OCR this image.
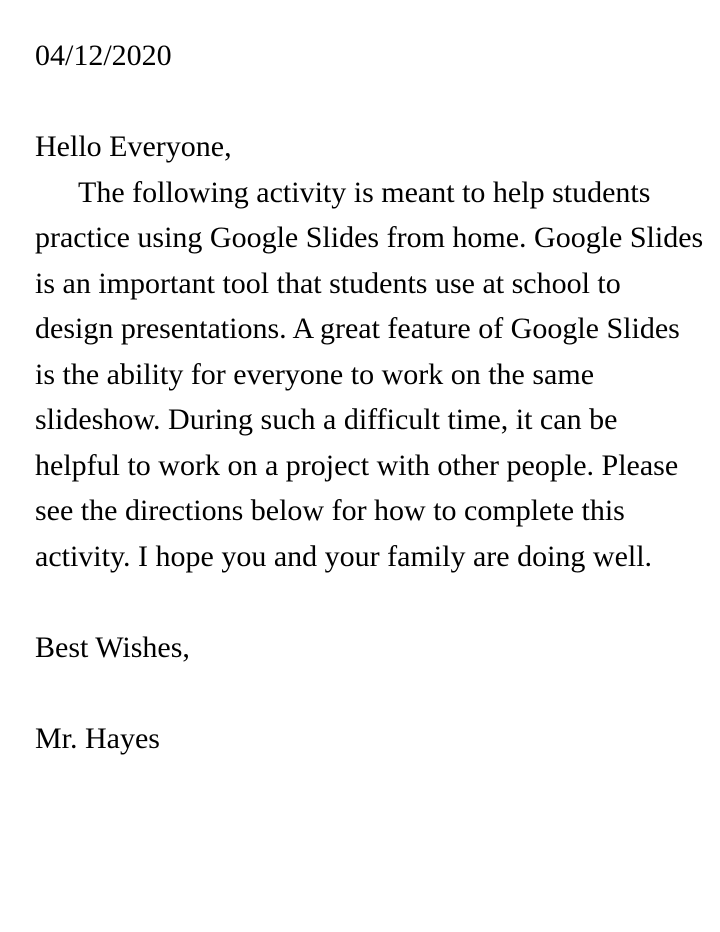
04/12/2020

Hello Everyone,

The following activity is meant to help students practice using Google Slides from home. Google Slides is an important tool that students use at school to design presentations. A great feature of Google Slides is the ability for everyone to work on the same slideshow. During such a difficult time, it can be helpful to work on a project with other people. Please see the directions below for how to complete this activity. I hope you and your family are doing well.

Best Wishes,

Mr. Hayes
